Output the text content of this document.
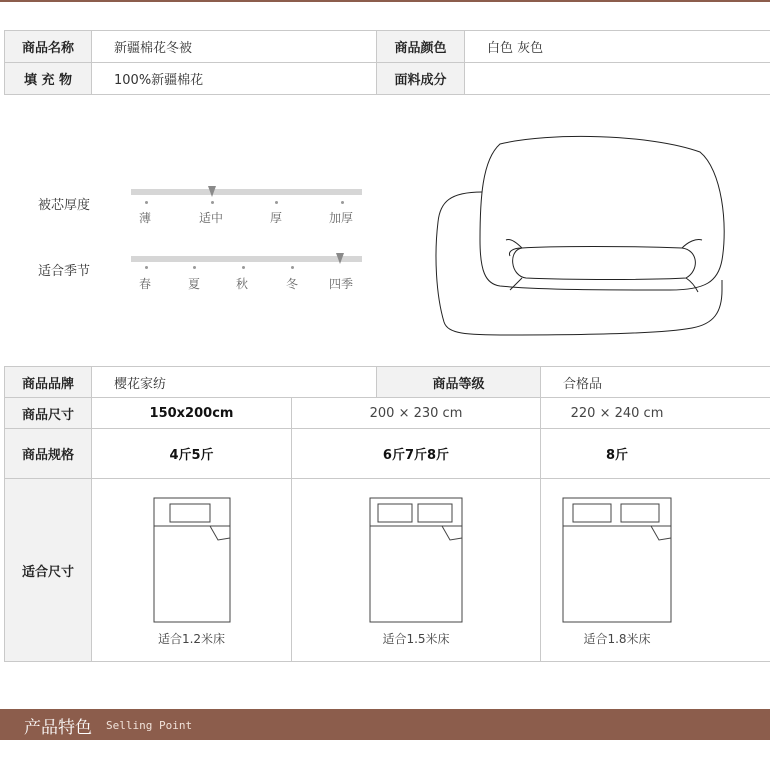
商品名称	新疆棉花冬被	商品颜色	白色 灰色
填 充 物	100%新疆棉花	面料成分	
被芯厚度
薄	适中	厚	加厚
适合季节
春	夏	秋	冬	四季
商品品牌	樱花家纺	商品等级	合格品
商品尺寸	150x200cm	200 × 230 cm	220 × 240 cm
商品规格	4斤5斤	6斤7斤8斤	8斤
适合尺寸	适合1.2米床	适合1.5米床	适合1.8米床
产品特色 Selling Point
